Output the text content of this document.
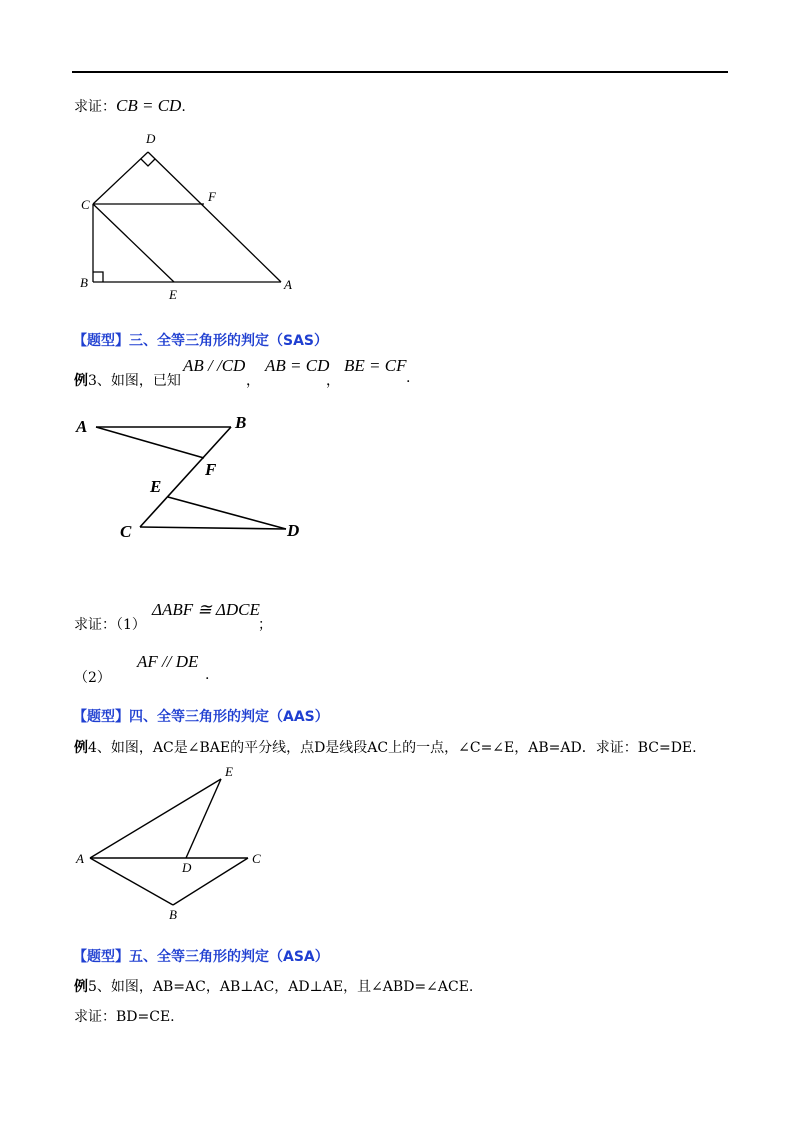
求证：CB = CD.
D
C
F
B
E
A
【题型】三、全等三角形的判定（SAS）
例3、如图，已知
AB / /CD
，
AB = CD
，
BE = CF
.
A	B
F
E
C	D
求证：（1）
ΔABF ≅ ΔDCE
；
（2）
AF // DE
.
【题型】四、全等三角形的判定（AAS）
例4、如图，AC是∠BAE的平分线，点D是线段AC上的一点，∠C=∠E，AB=AD．求证：BC=DE.
E
A
D
C
B
【题型】五、全等三角形的判定（ASA）
例5、如图，AB=AC，AB⊥AC，AD⊥AE，且∠ABD=∠ACE.
求证：BD=CE.
